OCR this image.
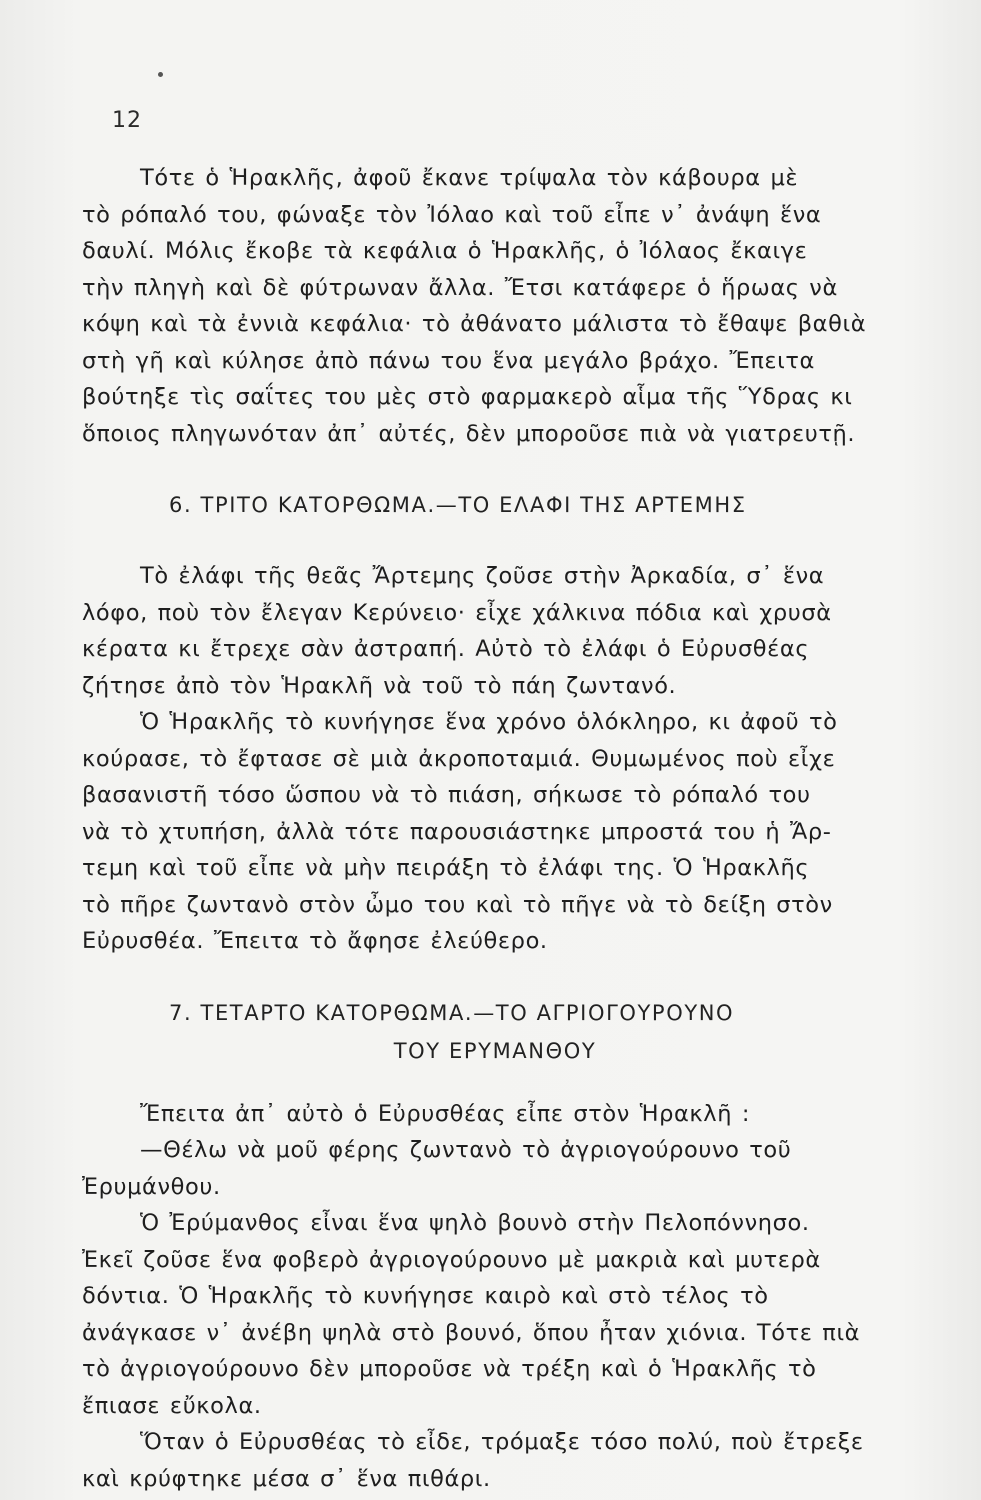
12
Τότε ὁ Ἡρακλῆς, ἀφοῦ ἔκανε τρίψαλα τὸν κάβουρα μὲ
τὸ ρόπαλό του, φώναξε τὸν Ἰόλαο καὶ τοῦ εἶπε ν᾽ ἀνάψη ἕνα
δαυλί. Μόλις ἔκοβε τὰ κεφάλια ὁ Ἡρακλῆς, ὁ Ἰόλαος ἔκαιγε
τὴν πληγὴ καὶ δὲ φύτρωναν ἄλλα. Ἔτσι κατάφερε ὁ ἥρωας νὰ
κόψη καὶ τὰ ἐννιὰ κεφάλια· τὸ ἀθάνατο μάλιστα τὸ ἔθαψε βαθιὰ
στὴ γῆ καὶ κύλησε ἀπὸ πάνω του ἕνα μεγάλο βράχο. Ἔπειτα
βούτηξε τὶς σαΐτες του μὲς στὸ φαρμακερὸ αἷμα τῆς Ὕδρας κι
ὅποιος πληγωνόταν ἀπ᾽ αὐτές, δὲν μποροῦσε πιὰ νὰ γιατρευτῇ.
6. ΤΡΙΤΟ ΚΑΤΟΡΘΩΜΑ.—ΤΟ ΕΛΑΦΙ ΤΗΣ ΑΡΤΕΜΗΣ
Τὸ ἐλάφι τῆς θεᾶς Ἄρτεμης ζοῦσε στὴν Ἀρκαδία, σ᾽ ἕνα
λόφο, ποὺ τὸν ἔλεγαν Κερύνειο· εἶχε χάλκινα πόδια καὶ χρυσὰ
κέρατα κι ἔτρεχε σὰν ἀστραπή. Αὐτὸ τὸ ἐλάφι ὁ Εὐρυσθέας
ζήτησε ἀπὸ τὸν Ἡρακλῆ νὰ τοῦ τὸ πάη ζωντανό.
Ὁ Ἡρακλῆς τὸ κυνήγησε ἕνα χρόνο ὁλόκληρο, κι ἀφοῦ τὸ
κούρασε, τὸ ἔφτασε σὲ μιὰ ἀκροποταμιά. Θυμωμένος ποὺ εἶχε
βασανιστῆ τόσο ὥσπου νὰ τὸ πιάση, σήκωσε τὸ ρόπαλό του
νὰ τὸ χτυπήση, ἀλλὰ τότε παρουσιάστηκε μπροστά του ἡ Ἄρ-
τεμη καὶ τοῦ εἶπε νὰ μὴν πειράξη τὸ ἐλάφι της. Ὁ Ἡρακλῆς
τὸ πῆρε ζωντανὸ στὸν ὦμο του καὶ τὸ πῆγε νὰ τὸ δείξη στὸν
Εὐρυσθέα. Ἔπειτα τὸ ἄφησε ἐλεύθερο.
7. ΤΕΤΑΡΤΟ ΚΑΤΟΡΘΩΜΑ.—ΤΟ ΑΓΡΙΟΓΟΥΡΟΥΝΟ
ΤΟΥ ΕΡΥΜΑΝΘΟΥ
Ἔπειτα ἀπ᾽ αὐτὸ ὁ Εὐρυσθέας εἶπε στὸν Ἡρακλῆ :
—Θέλω νὰ μοῦ φέρης ζωντανὸ τὸ ἀγριογούρουνο τοῦ
Ἐρυμάνθου.
Ὁ Ἐρύμανθος εἶναι ἕνα ψηλὸ βουνὸ στὴν Πελοπόννησο.
Ἐκεῖ ζοῦσε ἕνα φοβερὸ ἀγριογούρουνο μὲ μακριὰ καὶ μυτερὰ
δόντια. Ὁ Ἡρακλῆς τὸ κυνήγησε καιρὸ καὶ στὸ τέλος τὸ
ἀνάγκασε ν᾽ ἀνέβη ψηλὰ στὸ βουνό, ὅπου ἦταν χιόνια. Τότε πιὰ
τὸ ἀγριογούρουνο δὲν μποροῦσε νὰ τρέξη καὶ ὁ Ἡρακλῆς τὸ
ἔπιασε εὔκολα.
Ὅταν ὁ Εὐρυσθέας τὸ εἶδε, τρόμαξε τόσο πολύ, ποὺ ἔτρεξε
καὶ κρύφτηκε μέσα σ᾽ ἕνα πιθάρι.
